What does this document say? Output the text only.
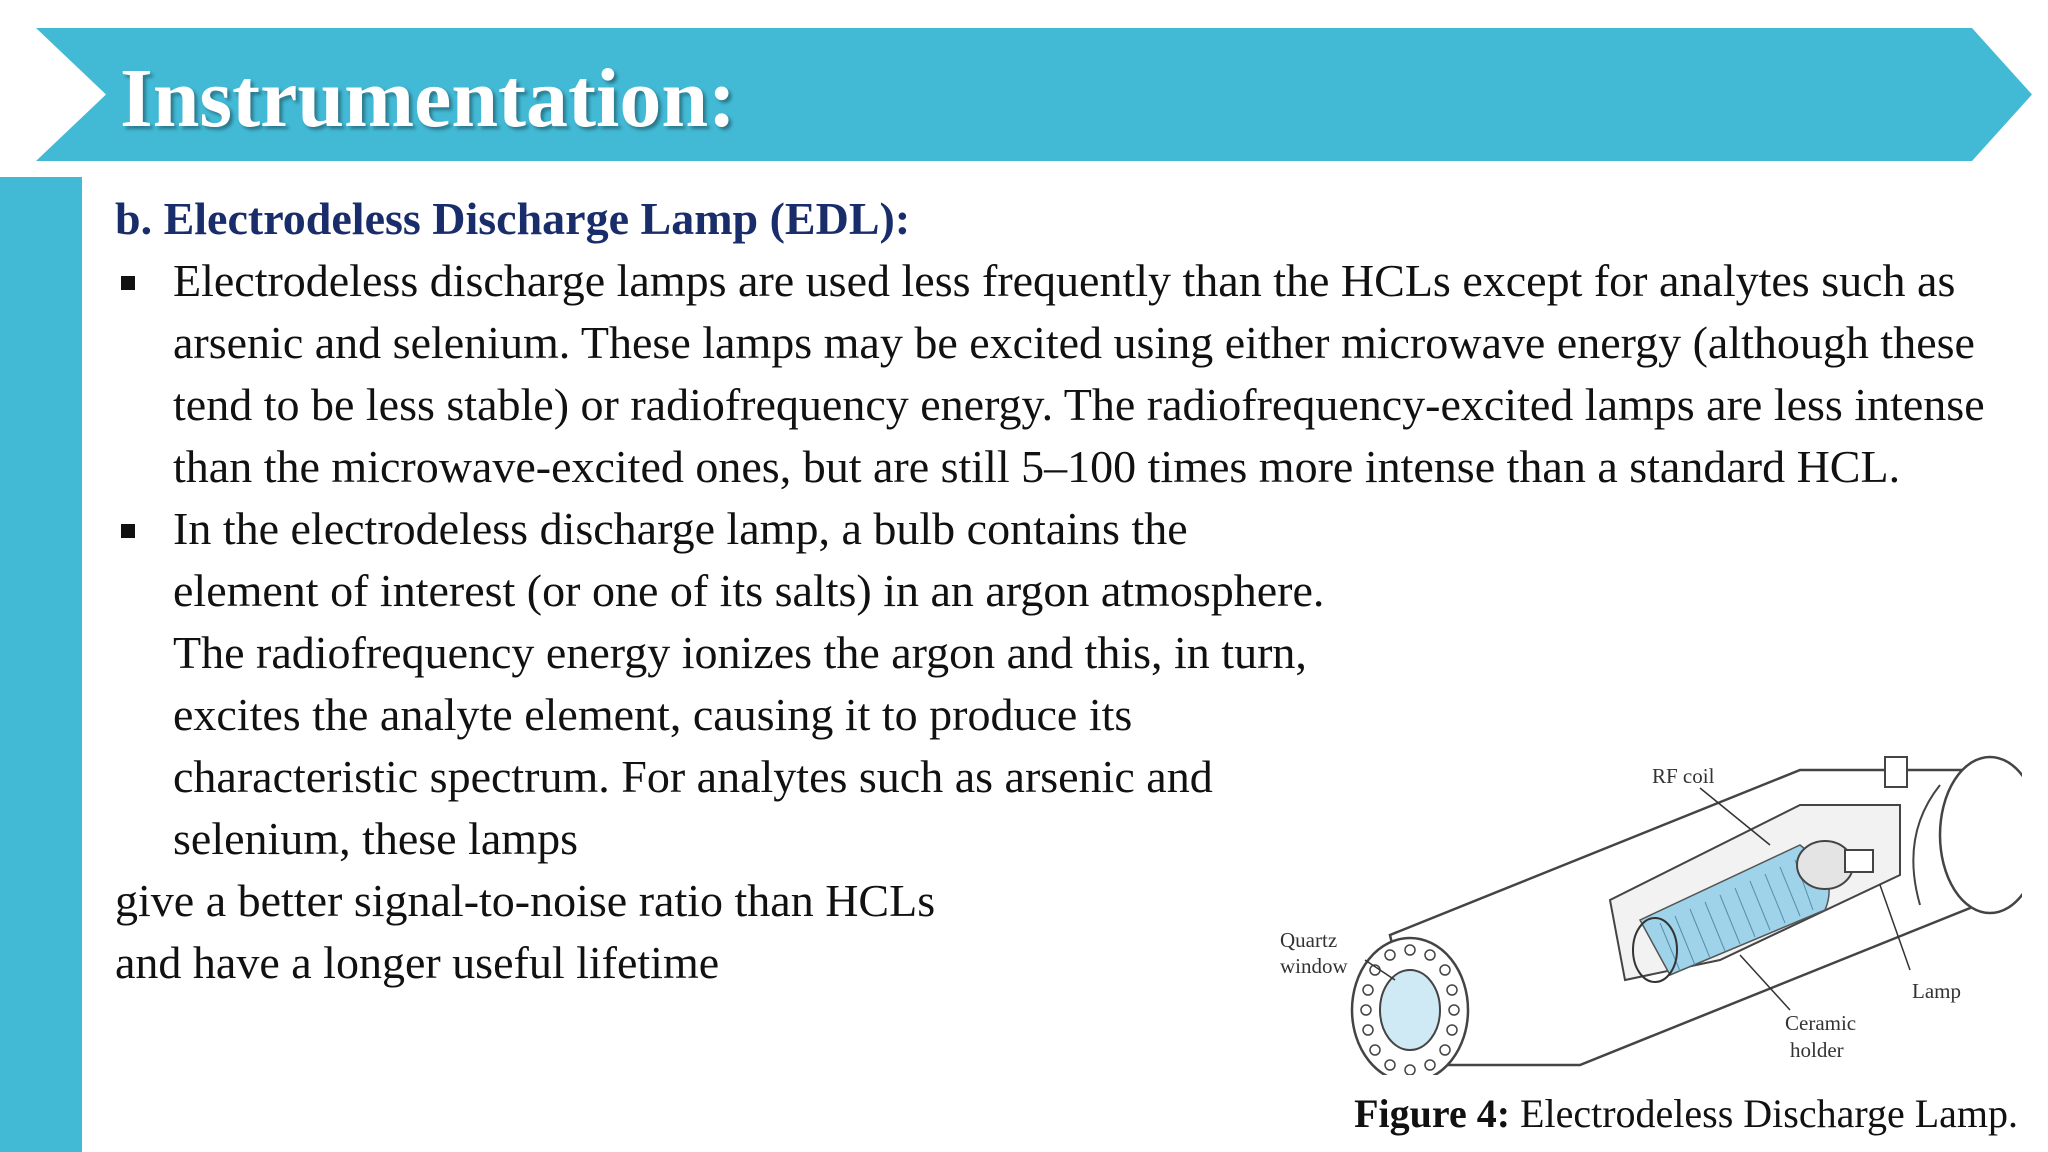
Instrumentation:

b. Electrodeless Discharge Lamp (EDL):

Electrodeless discharge lamps are used less frequently than the HCLs except for analytes such as arsenic and selenium. These lamps may be excited using either microwave energy (although these tend to be less stable) or radiofrequency energy. The radiofrequency-excited lamps are less intense than the microwave-excited ones, but are still 5–100 times more intense than a standard HCL.
In the electrodeless discharge lamp, a bulb contains the element of interest (or one of its salts) in an argon atmosphere. The radiofrequency energy ionizes the argon and this, in turn, excites the analyte element, causing it to produce its characteristic spectrum. For analytes such as arsenic and selenium, these lamps
give a better signal-to-noise ratio than HCLs
and have a longer useful lifetime
RF coil
Quartz
window
Lamp
Ceramic
holder
Figure 4: Electrodeless Discharge Lamp.
